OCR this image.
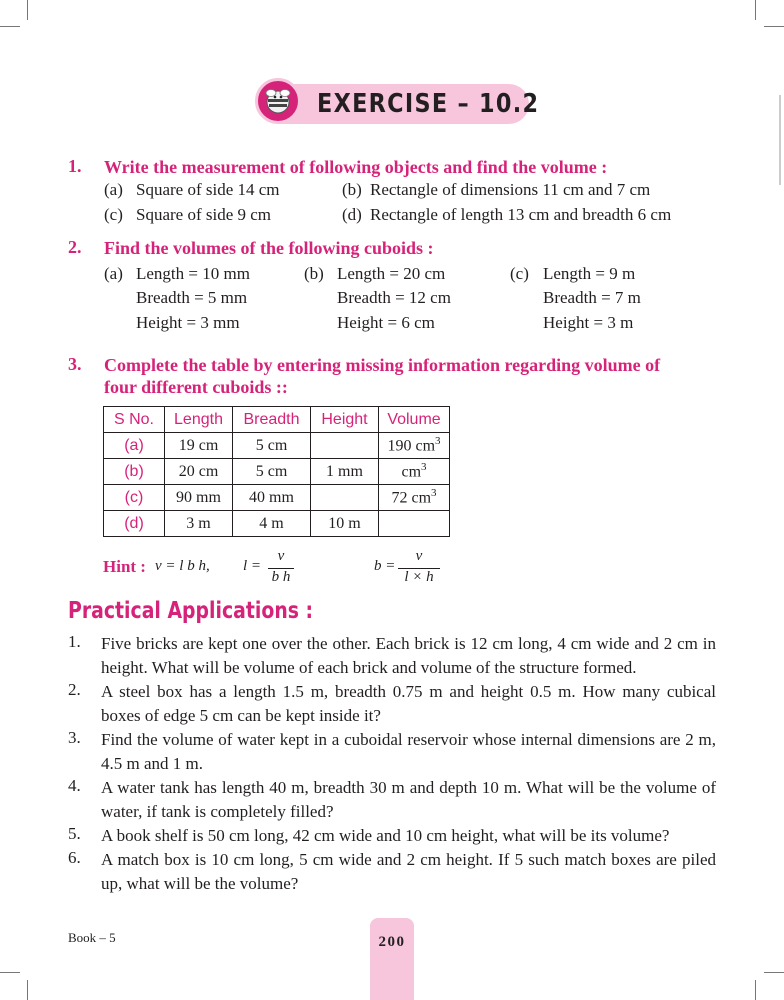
EXERCISE – 10.2
1. Write the measurement of following objects and find the volume :
(a) Square of side 14 cm	(b) Rectangle of dimensions 11 cm and 7 cm
(c) Square of side 9 cm	(d) Rectangle of length 13 cm and breadth 6 cm
2. Find the volumes of the following cuboids :
(a) Length = 10 mm
Breadth = 5 mm
Height = 3 mm
(b) Length = 20 cm
Breadth = 12 cm
Height = 6 cm
(c) Length = 9 m
Breadth = 7 m
Height = 3 m
3. Complete the table by entering missing information regarding volume of
four different cuboids ::
S No.	Length	Breadth	Height	Volume
(a)	19 cm	5 cm		190 $cm^3$
(b)	20 cm	5 cm	1 mm	$cm^3$
(c)	90 mm	40 mm		72 $cm^3$
(d)	3 m	4 m	10 m	
Hint : v = l b h, l =
v
b h
b =
v
l × h
Practical Applications :
1. Five bricks are kept one over the other. Each brick is 12 cm long, 4 cm wide and 2 cm in height. What will be volume of each brick and volume of the structure formed.
2. A steel box has a length 1.5 m, breadth 0.75 m and height 0.5 m. How many cubical boxes of edge 5 cm can be kept inside it?
3. Find the volume of water kept in a cuboidal reservoir whose internal dimensions are 2 m, 4.5 m and 1 m.
4. A water tank has length 40 m, breadth 30 m and depth 10 m. What will be the volume of water, if tank is completely filled?
5. A book shelf is 50 cm long, 42 cm wide and 10 cm height, what will be its volume?
6. A match box is 10 cm long, 5 cm wide and 2 cm height. If 5 such match boxes are piled up, what will be the volume?
Book – 5	200
